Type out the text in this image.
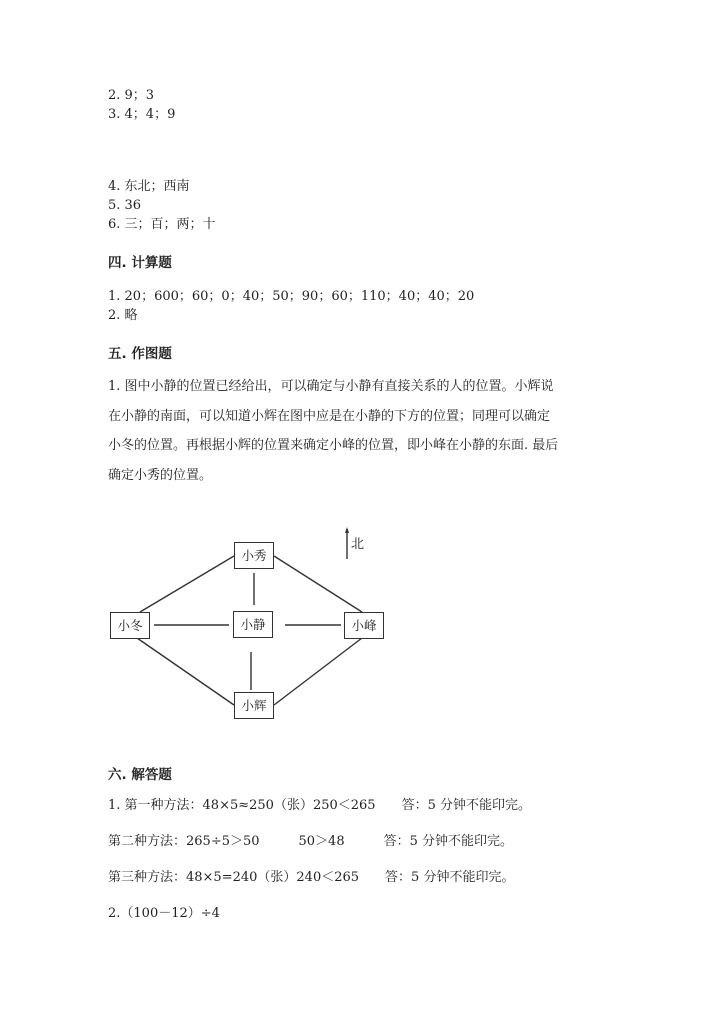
2. 9；3
3. 4；4；9
4. 东北；西南
5. 36
6. 三；百；两；十
四. 计算题
1. 20；600；60；0；40；50；90；60；110；40；40；20
2. 略
五. 作图题
1. 图中小静的位置已经给出，可以确定与小静有直接关系的人的位置。小辉说
在小静的南面，可以知道小辉在图中应是在小静的下方的位置；同理可以确定
小冬的位置。再根据小辉的位置来确定小峰的位置，即小峰在小静的东面. 最后
确定小秀的位置。
北
小秀
小冬	小静	小峰
小辉
六. 解答题
1. 第一种方法：48×5≈250（张）250＜265　　答：5 分钟不能印完。
第二种方法：265÷5＞50　　　50＞48　　　答：5 分钟不能印完。
第三种方法：48×5=240（张）240＜265　　答：5 分钟不能印完。
2.（100－12）÷4
